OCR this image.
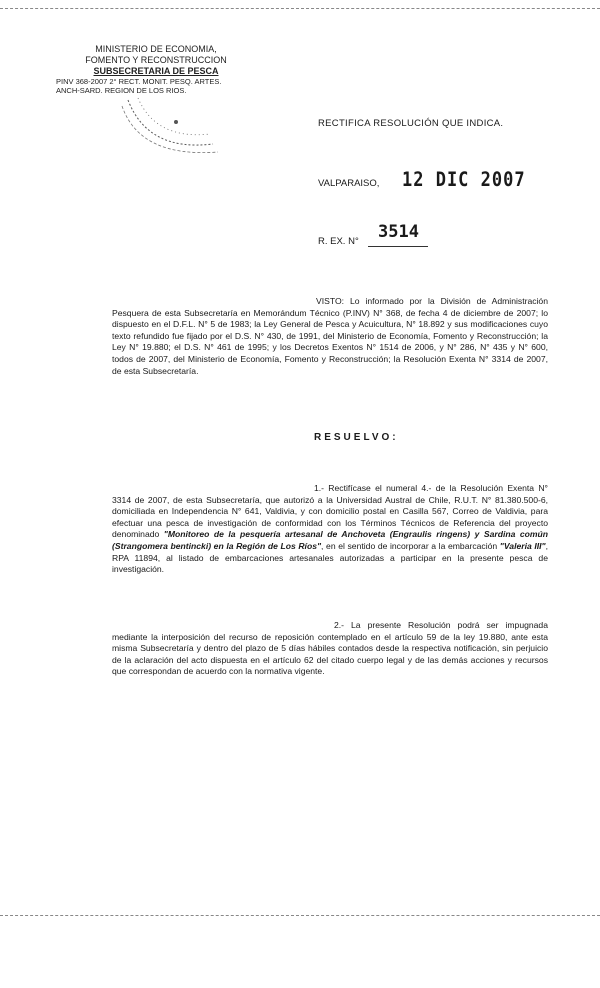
MINISTERIO DE ECONOMIA,
FOMENTO Y RECONSTRUCCION
SUBSECRETARIA DE PESCA
PINV 368-2007 2° RECT. MONIT. PESQ. ARTES.
ANCH-SARD. REGION DE LOS RIOS.
RECTIFICA RESOLUCIÓN QUE INDICA.
VALPARAISO, 12 DIC 2007
R. EX. N° 3514
VISTO: Lo informado por la División de Administración Pesquera de esta Subsecretaría en Memorándum Técnico (P.INV) N° 368, de fecha 4 de diciembre de 2007; lo dispuesto en el D.F.L. N° 5 de 1983; la Ley General de Pesca y Acuicultura, N° 18.892 y sus modificaciones cuyo texto refundido fue fijado por el D.S. N° 430, de 1991, del Ministerio de Economía, Fomento y Reconstrucción; la Ley N° 19.880; el D.S. N° 461 de 1995; y los Decretos Exentos N° 1514 de 2006, y N° 286, N° 435 y N° 600, todos de 2007, del Ministerio de Economía, Fomento y Reconstrucción; la Resolución Exenta N° 3314 de 2007, de esta Subsecretaría.
RESUELVO:
1.- Rectifícase el numeral 4.- de la Resolución Exenta N° 3314 de 2007, de esta Subsecretaría, que autorizó a la Universidad Austral de Chile, R.U.T. N° 81.380.500-6, domiciliada en Independencia N° 641, Valdivia, y con domicilio postal en Casilla 567, Correo de Valdivia, para efectuar una pesca de investigación de conformidad con los Términos Técnicos de Referencia del proyecto denominado "Monitoreo de la pesquería artesanal de Anchoveta (Engraulis ringens) y Sardina común (Strangomera bentincki) en la Región de Los Ríos", en el sentido de incorporar a la embarcación "Valeria III", RPA 11894, al listado de embarcaciones artesanales autorizadas a participar en la presente pesca de investigación.
2.- La presente Resolución podrá ser impugnada mediante la interposición del recurso de reposición contemplado en el artículo 59 de la ley 19.880, ante esta misma Subsecretaría y dentro del plazo de 5 días hábiles contados desde la respectiva notificación, sin perjuicio de la aclaración del acto dispuesta en el artículo 62 del citado cuerpo legal y de las demás acciones y recursos que correspondan de acuerdo con la normativa vigente.
